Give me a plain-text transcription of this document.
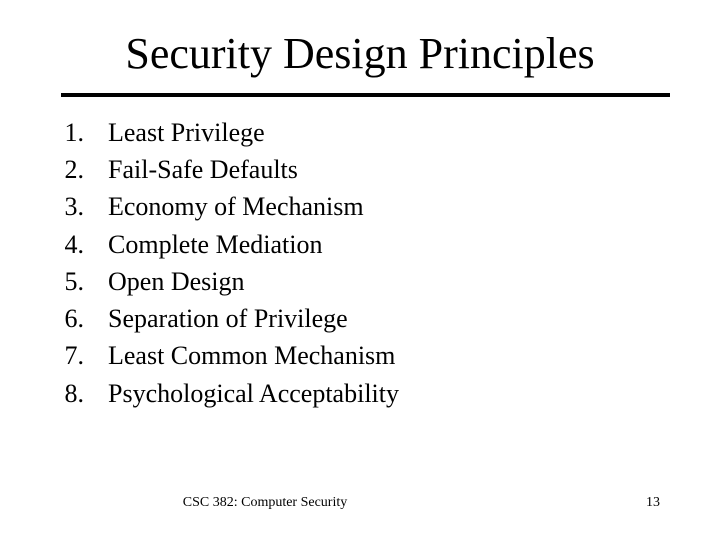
Security Design Principles
1. Least Privilege
2. Fail-Safe Defaults
3. Economy of Mechanism
4. Complete Mediation
5. Open Design
6. Separation of Privilege
7. Least Common Mechanism
8. Psychological Acceptability
CSC 382: Computer Security	13
